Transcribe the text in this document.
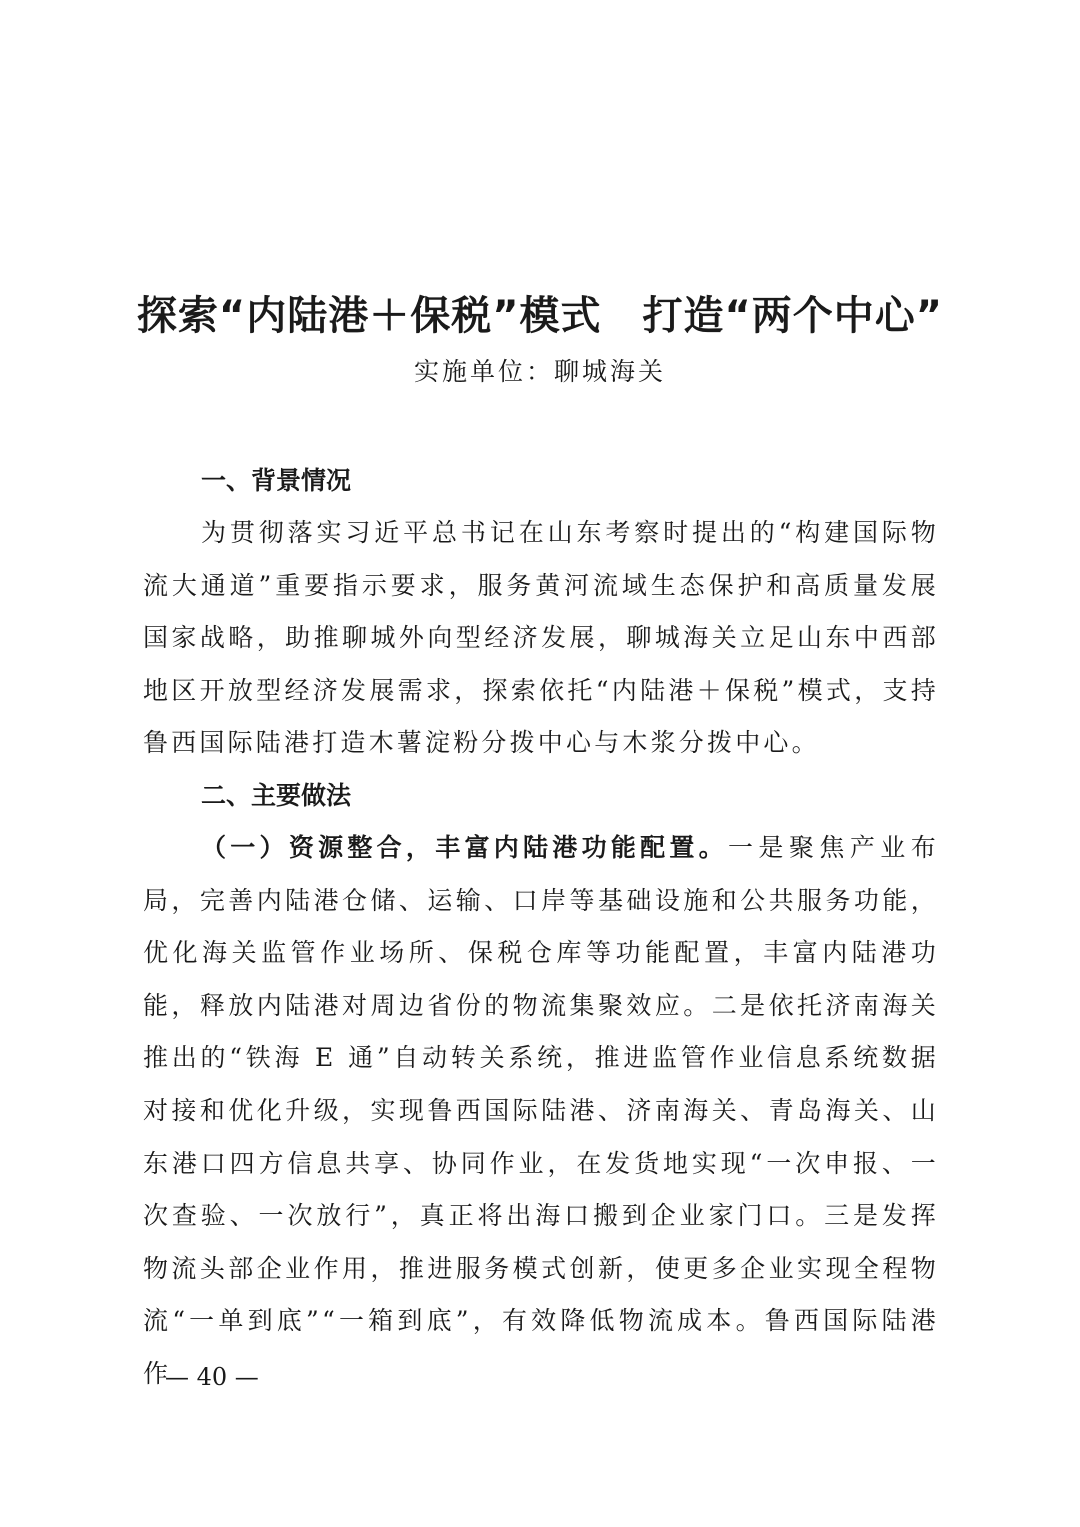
探索“内陆港＋保税”模式　打造“两个中心”
实施单位：聊城海关
一、背景情况

为贯彻落实习近平总书记在山东考察时提出的“构建国际物流大通道”重要指示要求，服务黄河流域生态保护和高质量发展国家战略，助推聊城外向型经济发展，聊城海关立足山东中西部地区开放型经济发展需求，探索依托“内陆港＋保税”模式，支持鲁西国际陆港打造木薯淀粉分拨中心与木浆分拨中心。

二、主要做法

（一）资源整合，丰富内陆港功能配置。一是聚焦产业布局，完善内陆港仓储、运输、口岸等基础设施和公共服务功能，优化海关监管作业场所、保税仓库等功能配置，丰富内陆港功能，释放内陆港对周边省份的物流集聚效应。二是依托济南海关推出的“铁海 E 通”自动转关系统，推进监管作业信息系统数据对接和优化升级，实现鲁西国际陆港、济南海关、青岛海关、山东港口四方信息共享、协同作业，在发货地实现“一次申报、一次查验、一次放行”，真正将出海口搬到企业家门口。三是发挥物流头部企业作用，推进服务模式创新，使更多企业实现全程物流“一单到底”“一箱到底”，有效降低物流成本。鲁西国际陆港作

— 40 —
